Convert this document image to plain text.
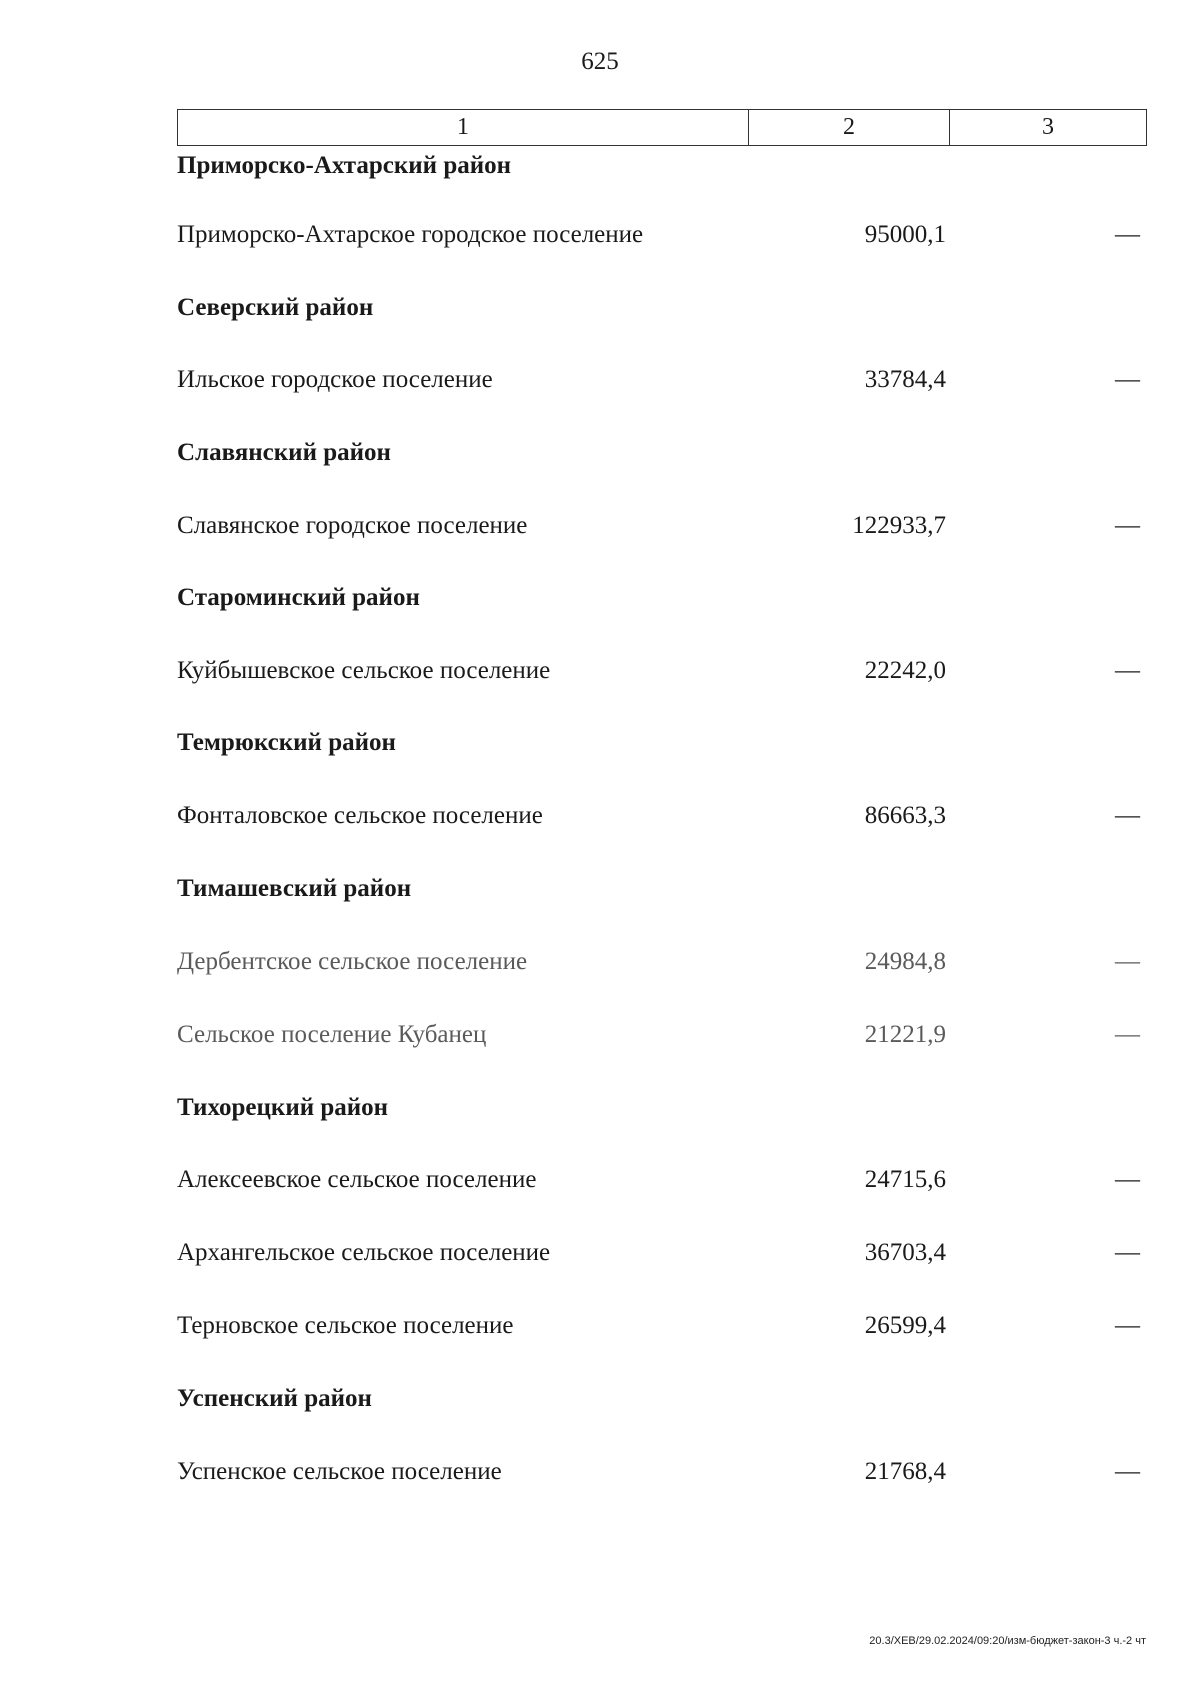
625
1	2	3
Приморско-Ахтарский район
Приморско-Ахтарское городское поселение	95000,1	—
Северский район
Ильское городское поселение	33784,4	—
Славянский район
Славянское городское поселение	122933,7	—
Староминский район
Куйбышевское сельское поселение	22242,0	—
Темрюкский район
Фонталовское сельское поселение	86663,3	—
Тимашевский район
Дербентское сельское поселение	24984,8	—
Сельское поселение Кубанец	21221,9	—
Тихорецкий район
Алексеевское сельское поселение	24715,6	—
Архангельское сельское поселение	36703,4	—
Терновское сельское поселение	26599,4	—
Успенский район
Успенское сельское поселение	21768,4	—
20.3/ХЕВ/29.02.2024/09:20/изм-бюджет-закон-3 ч.-2 чт
